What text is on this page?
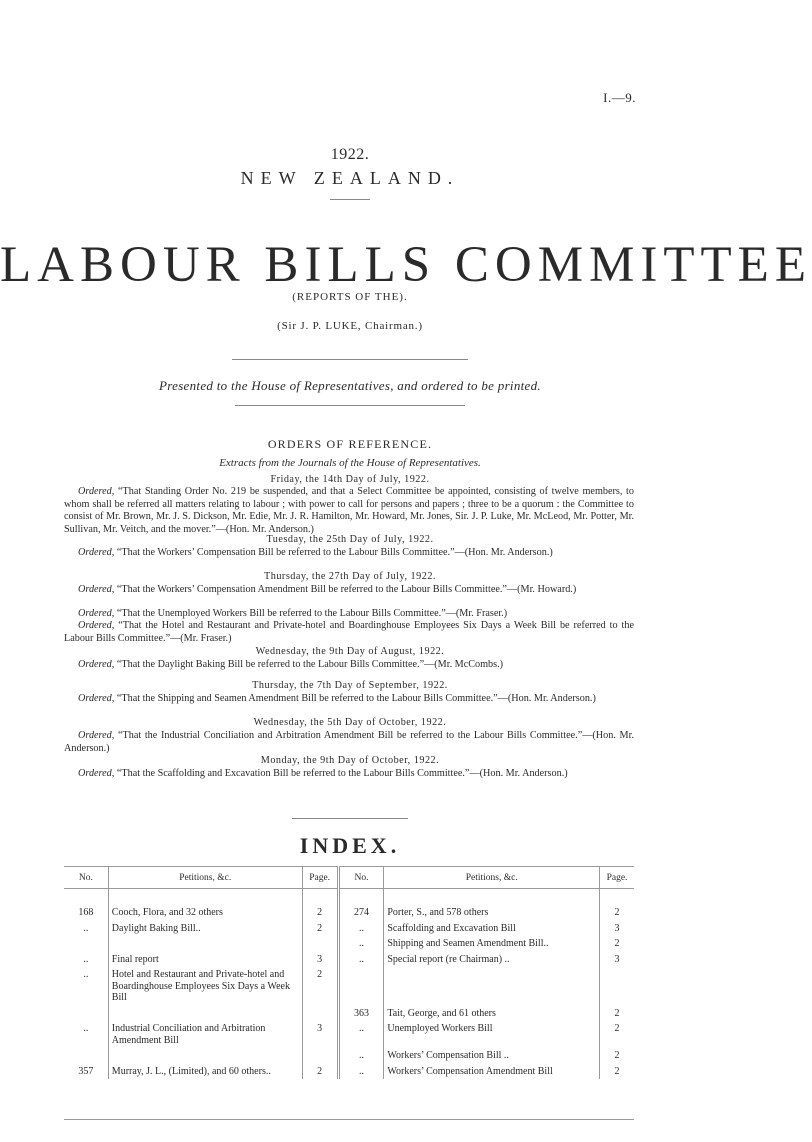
I.—9.
1922.
NEW ZEALAND.
LABOUR BILLS COMMITTEE
(REPORTS OF THE).
(Sir J. P. LUKE, Chairman.)
Presented to the House of Representatives, and ordered to be printed.
ORDERS OF REFERENCE.
Extracts from the Journals of the House of Representatives.
Friday, the 14th Day of July, 1922.
Ordered, “That Standing Order No. 219 be suspended, and that a Select Committee be appointed, consisting of twelve members, to whom shall be referred all matters relating to labour ; with power to call for persons and papers ; three to be a quorum : the Committee to consist of Mr. Brown, Mr. J. S. Dickson, Mr. Edie, Mr. J. R. Hamilton, Mr. Howard, Mr. Jones, Sir. J. P. Luke, Mr. McLeod, Mr. Potter, Mr. Sullivan, Mr. Veitch, and the mover.”—(Hon. Mr. Anderson.)
Tuesday, the 25th Day of July, 1922.
Ordered, “That the Workers’ Compensation Bill be referred to the Labour Bills Committee.”—(Hon. Mr. Anderson.)
Thursday, the 27th Day of July, 1922.
Ordered, “That the Workers’ Compensation Amendment Bill be referred to the Labour Bills Committee.”—(Mr. Howard.)
Ordered, “That the Unemployed Workers Bill be referred to the Labour Bills Committee.”—(Mr. Fraser.)
Ordered, “That the Hotel and Restaurant and Private-hotel and Boardinghouse Employees Six Days a Week Bill be referred to the Labour Bills Committee.”—(Mr. Fraser.)
Wednesday, the 9th Day of August, 1922.
Ordered, “That the Daylight Baking Bill be referred to the Labour Bills Committee.”—(Mr. McCombs.)
Thursday, the 7th Day of September, 1922.
Ordered, “That the Shipping and Seamen Amendment Bill be referred to the Labour Bills Committee.”—(Hon. Mr. Anderson.)
Wednesday, the 5th Day of October, 1922.
Ordered, “That the Industrial Conciliation and Arbitration Amendment Bill be referred to the Labour Bills Committee.”—(Hon. Mr. Anderson.)
Monday, the 9th Day of October, 1922.
Ordered, “That the Scaffolding and Excavation Bill be referred to the Labour Bills Committee.”—(Hon. Mr. Anderson.)
INDEX.
No.	Petitions, &c.	Page.	No.	Petitions, &c.	Page.

168	Cooch, Flora, and 32 others	2	274	Porter, S., and 578 others	2
..	Daylight Baking Bill..	2	..	Scaffolding and Excavation Bill	3
			..	Shipping and Seamen Amendment Bill..	2
..	Final report	3	..	Special report (re Chairman) ..	3
..	Hotel and Restaurant and Private-hotel and Boardinghouse Employees Six Days a Week Bill	2			
			363	Tait, George, and 61 others	2
..	Industrial Conciliation and Arbitration Amendment Bill	3	..	Unemployed Workers Bill	2
			..	Workers’ Compensation Bill ..	2
357	Murray, J. L., (Limited), and 60 others..	2	..	Workers’ Compensation Amendment Bill	2
